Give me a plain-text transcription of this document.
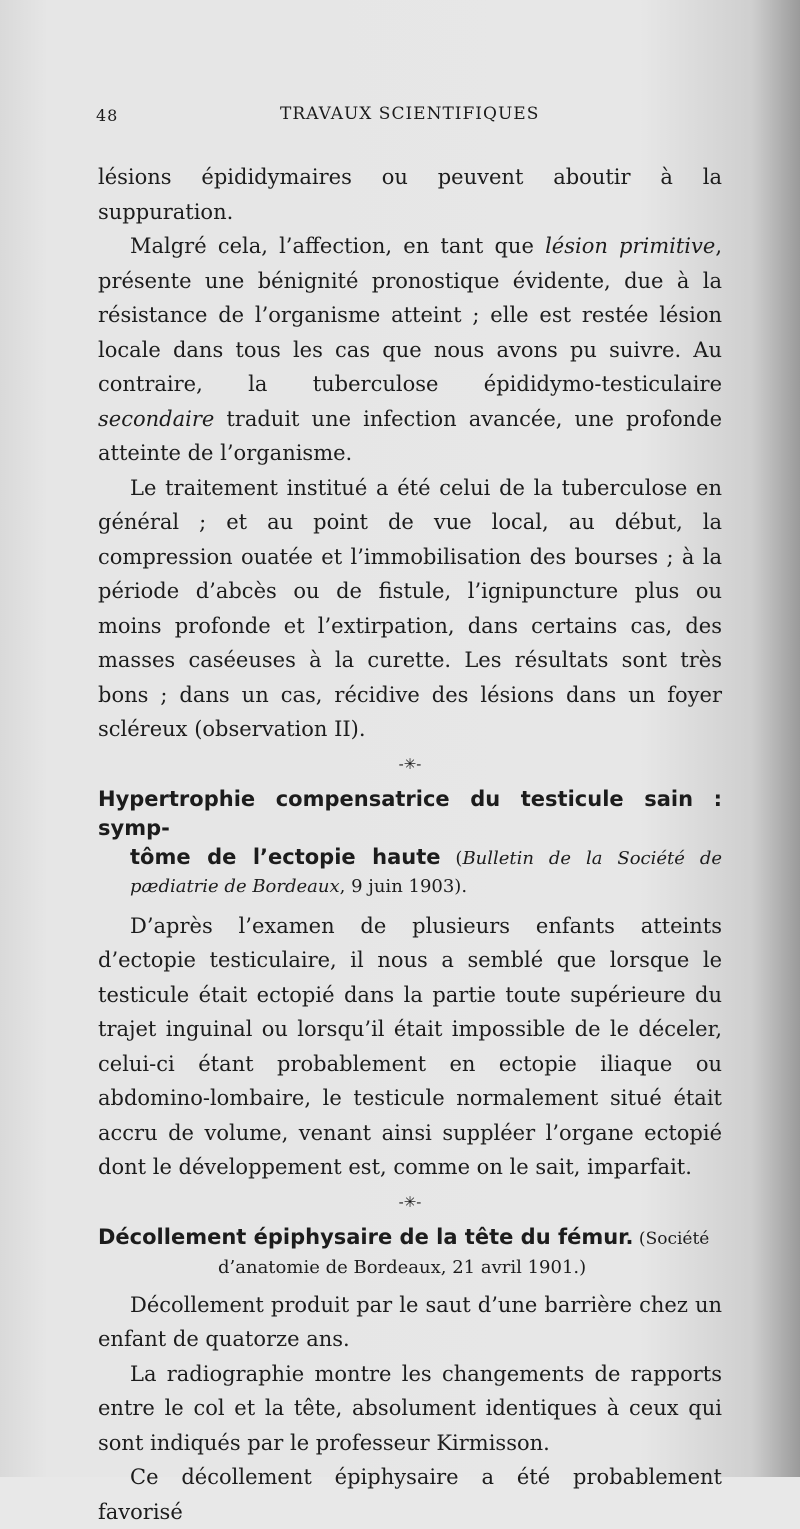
48	TRAVAUX SCIENTIFIQUES

lésions épididymaires ou peuvent aboutir à la suppuration.

Malgré cela, l’affection, en tant que lésion primitive, présente une bénignité pronostique évidente, due à la résistance de l’organisme atteint ; elle est restée lésion locale dans tous les cas que nous avons pu suivre. Au contraire, la tuberculose épididymo-testiculaire secondaire traduit une infection avancée, une profonde atteinte de l’organisme.

Le traitement institué a été celui de la tuberculose en général ; et au point de vue local, au début, la compression ouatée et l’immobilisation des bourses ; à la période d’abcès ou de fistule, l’ignipuncture plus ou moins profonde et l’extirpation, dans certains cas, des masses caséeuses à la curette. Les résultats sont très bons ; dans un cas, récidive des lésions dans un foyer scléreux (observation II).

-✳-
Hypertrophie compensatrice du testicule sain : symp-
tôme de l’ectopie haute (Bulletin de la Société de pædiatrie de Bordeaux, 9 juin 1903).

D’après l’examen de plusieurs enfants atteints d’ectopie testiculaire, il nous a semblé que lorsque le testicule était ectopié dans la partie toute supérieure du trajet inguinal ou lorsqu’il était impossible de le déceler, celui-ci étant probablement en ectopie iliaque ou abdomino-lombaire, le testicule normalement situé était accru de volume, venant ainsi suppléer l’organe ectopié dont le développement est, comme on le sait, imparfait.

-✳-
Décollement épiphysaire de la tête du fémur. (Société
d’anatomie de Bordeaux, 21 avril 1901.)

Décollement produit par le saut d’une barrière chez un enfant de quatorze ans.

La radiographie montre les changements de rapports entre le col et la tête, absolument identiques à ceux qui sont indiqués par le professeur Kirmisson.

Ce décollement épiphysaire a été probablement favorisé
